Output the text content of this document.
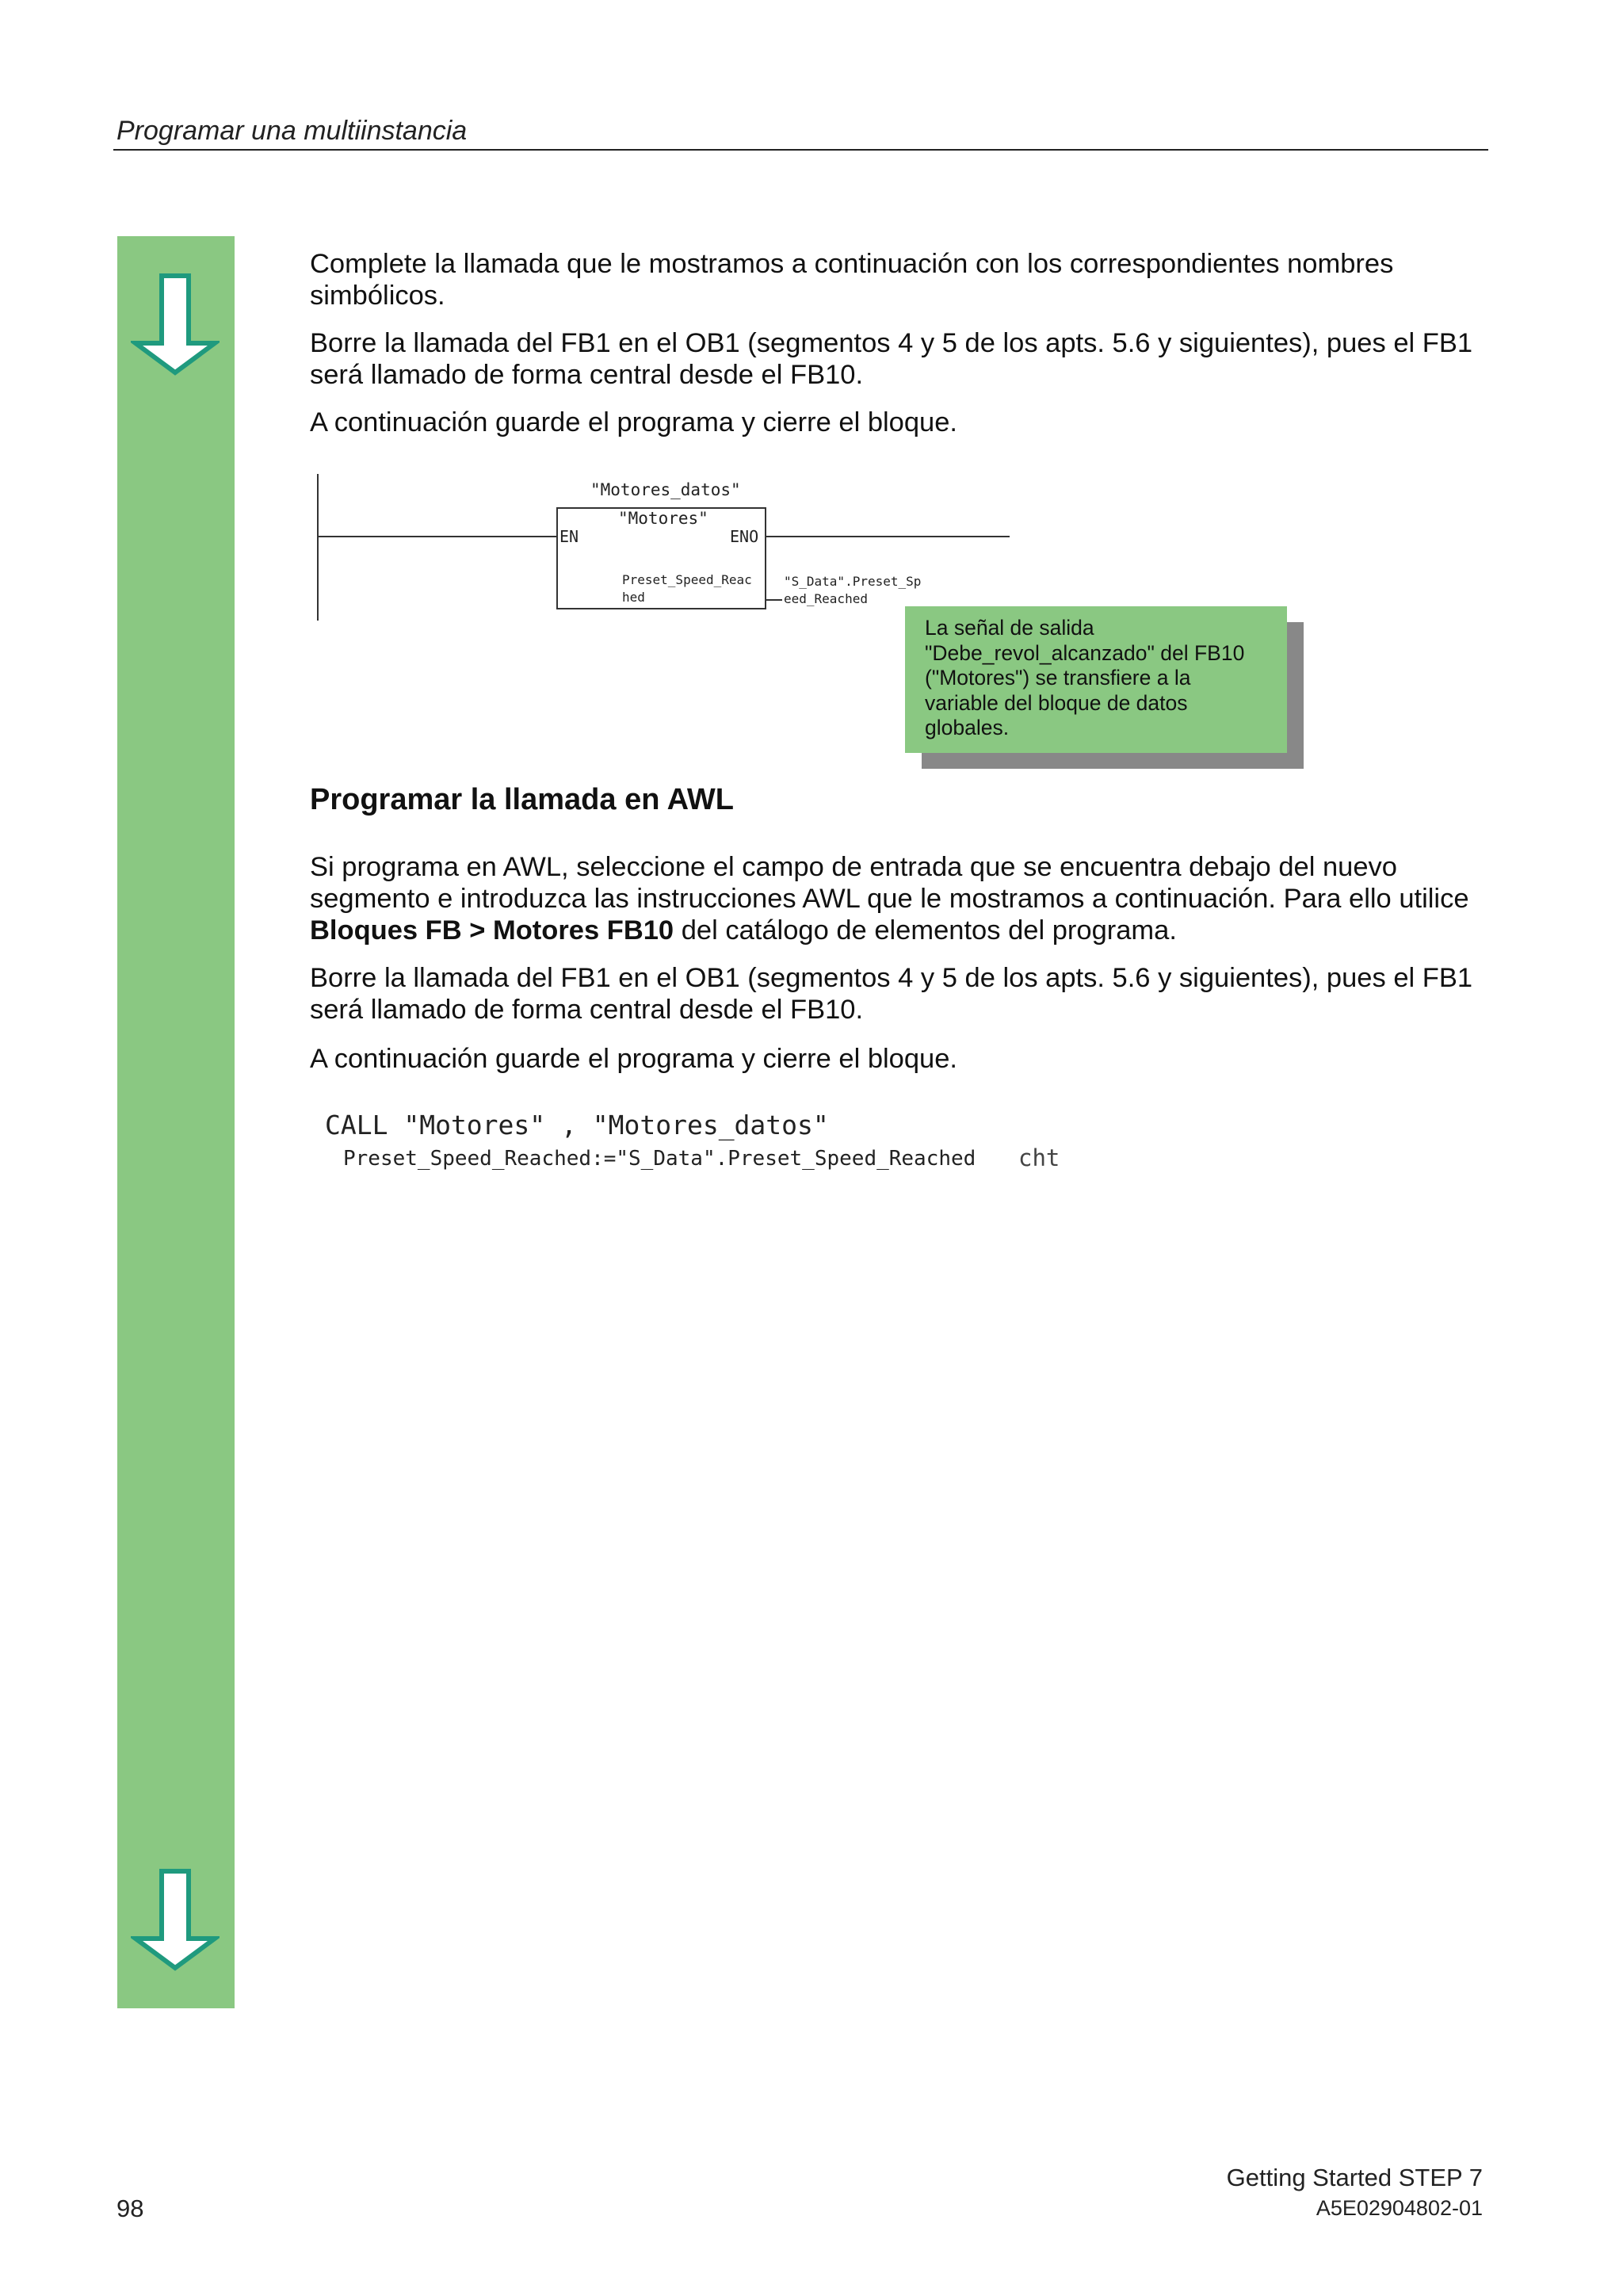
Programar una multiinstancia
Complete la llamada que le mostramos a continuación con los correspondientes nombres simbólicos.
Borre la llamada del FB1 en el OB1 (segmentos 4 y 5 de los apts. 5.6 y siguientes), pues el FB1 será llamado de forma central desde el FB10.
A continuación guarde el programa y cierre el bloque.
"Motores_datos"
"Motores"
EN	ENO
Preset_Speed_Reac
hed
"S_Data".Preset_Sp
eed_Reached
La señal de salida "Debe_revol_alcanzado" del FB10 ("Motores") se transfiere a la variable del bloque de datos globales.
Programar la llamada en AWL
Si programa en AWL, seleccione el campo de entrada que se encuentra debajo del nuevo segmento e introduzca las instrucciones AWL que le mostramos a continuación. Para ello utilice Bloques FB > Motores FB10 del catálogo de elementos del programa.
Borre la llamada del FB1 en el OB1 (segmentos 4 y 5 de los apts. 5.6 y siguientes), pues el FB1 será llamado de forma central desde el FB10.
A continuación guarde el programa y cierre el bloque.
CALL "Motores" , "Motores_datos"
Preset_Speed_Reached:="S_Data".Preset_Speed_Reached cht
Getting Started STEP 7
A5E02904802-01
98
